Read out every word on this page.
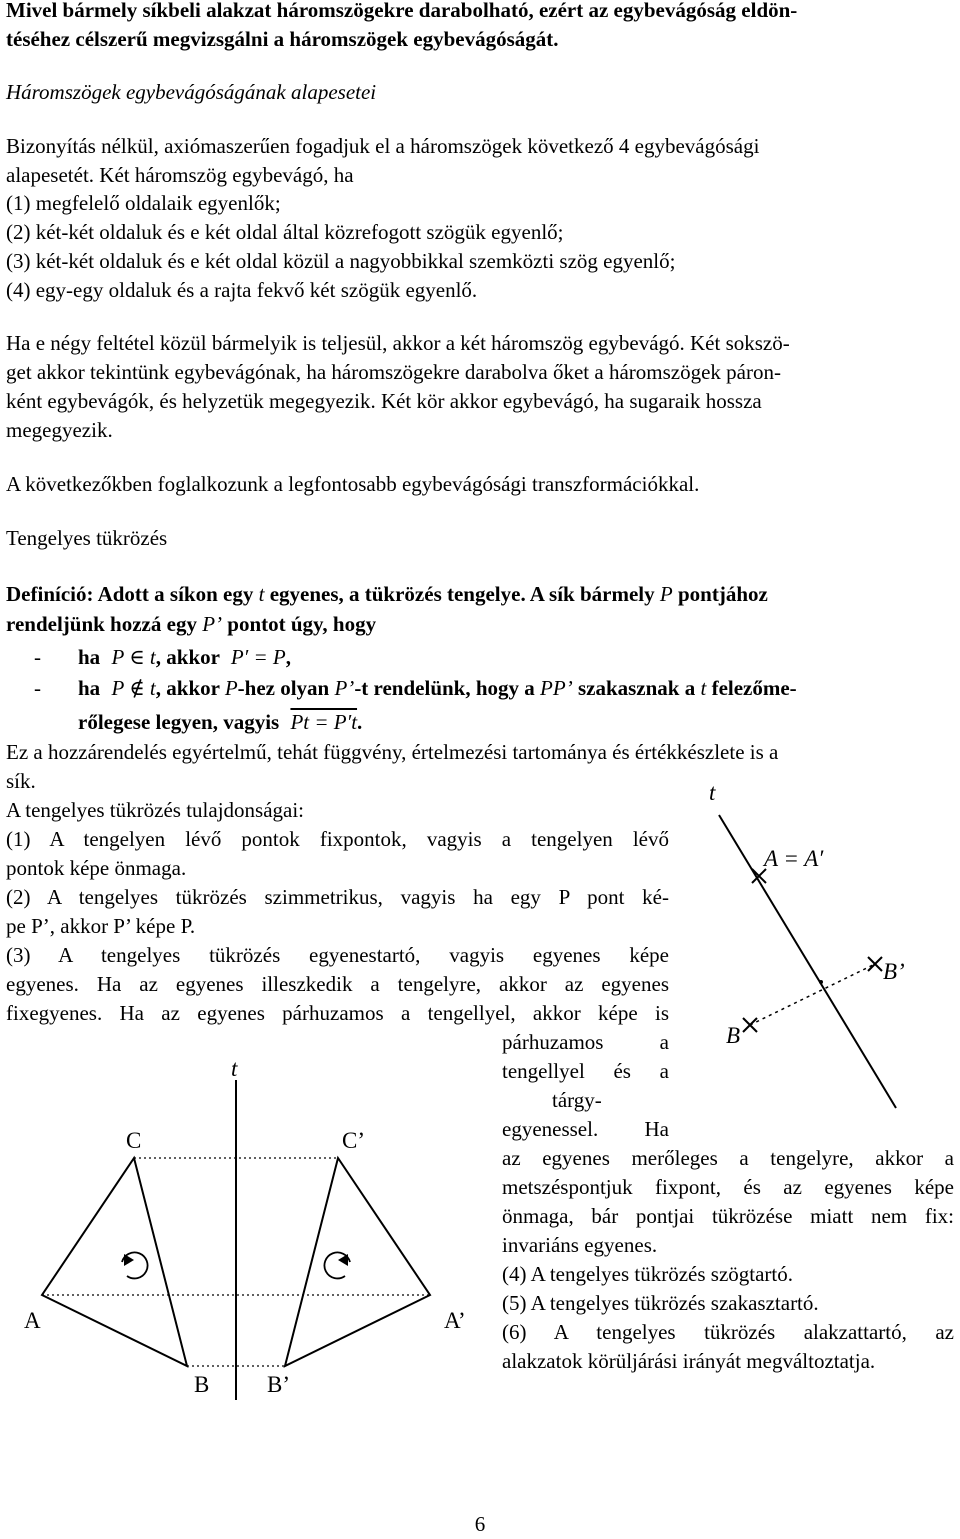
Mivel bármely síkbeli alakzat háromszögekre darabolható, ezért az egybevágóság eldön-
téséhez célszerű megvizsgálni a háromszögek egybevágóságát.
Háromszögek egybevágóságának alapesetei
Bizonyítás nélkül, axiómaszerűen fogadjuk el a háromszögek következő 4 egybevágósági
alapesetét. Két háromszög egybevágó, ha
(1) megfelelő oldalaik egyenlők;
(2) két-két oldaluk és e két oldal által közrefogott szögük egyenlő;
(3) két-két oldaluk és e két oldal közül a nagyobbikkal szemközti szög egyenlő;
(4) egy-egy oldaluk és a rajta fekvő két szögük egyenlő.
Ha e négy feltétel közül bármelyik is teljesül, akkor a két háromszög egybevágó. Két sokszö-
get akkor tekintünk egybevágónak, ha háromszögekre darabolva őket a háromszögek páron-
ként egybevágók, és helyzetük megegyezik. Két kör akkor egybevágó, ha sugaraik hossza
megegyezik.
A következőkben foglalkozunk a legfontosabb egybevágósági transzformációkkal.
Tengelyes tükrözés
Definíció: Adott a síkon egy t egyenes, a tükrözés tengelye. A sík bármely P pontjához
rendeljünk hozzá egy P’ pontot úgy, hogy
- ha P ∈ t, akkor P′ = P,
- ha P ∉ t, akkor P-hez olyan P’-t rendelünk, hogy a PP’ szakasznak a t felezőme-
rőlegese legyen, vagyis Pt = P′t.
Ez a hozzárendelés egyértelmű, tehát függvény, értelmezési tartománya és értékkészlete is a
sík.
A tengelyes tükrözés tulajdonságai:
(1) A tengelyen lévő pontok fixpontok, vagyis a tengelyen lévő
pontok képe önmaga.
(2) A tengelyes tükrözés szimmetrikus, vagyis ha egy P pont ké-
pe P’, akkor P’ képe P.
(3) A tengelyes tükrözés egyenestartó, vagyis egyenes képe
egyenes. Ha az egyenes illeszkedik a tengelyre, akkor az egyenes
fixegyenes. Ha az egyenes párhuzamos a tengellyel, akkor képe is
párhuzamos a
tengellyel és a
tárgy-
egyenessel. Ha
az egyenes merőleges a tengelyre, akkor a
metszéspontjuk fixpont, és az egyenes képe
önmaga, bár pontjai tükrözése miatt nem fix:
invariáns egyenes.
(4) A tengelyes tükrözés szögtartó.
(5) A tengelyes tükrözés szakasztartó.
(6) A tengelyes tükrözés alakzattartó, az
alakzatok körüljárási irányát megváltoztatja.
t
A = A′
B’
B
t
C	C’
A	A’
B	B’
6
